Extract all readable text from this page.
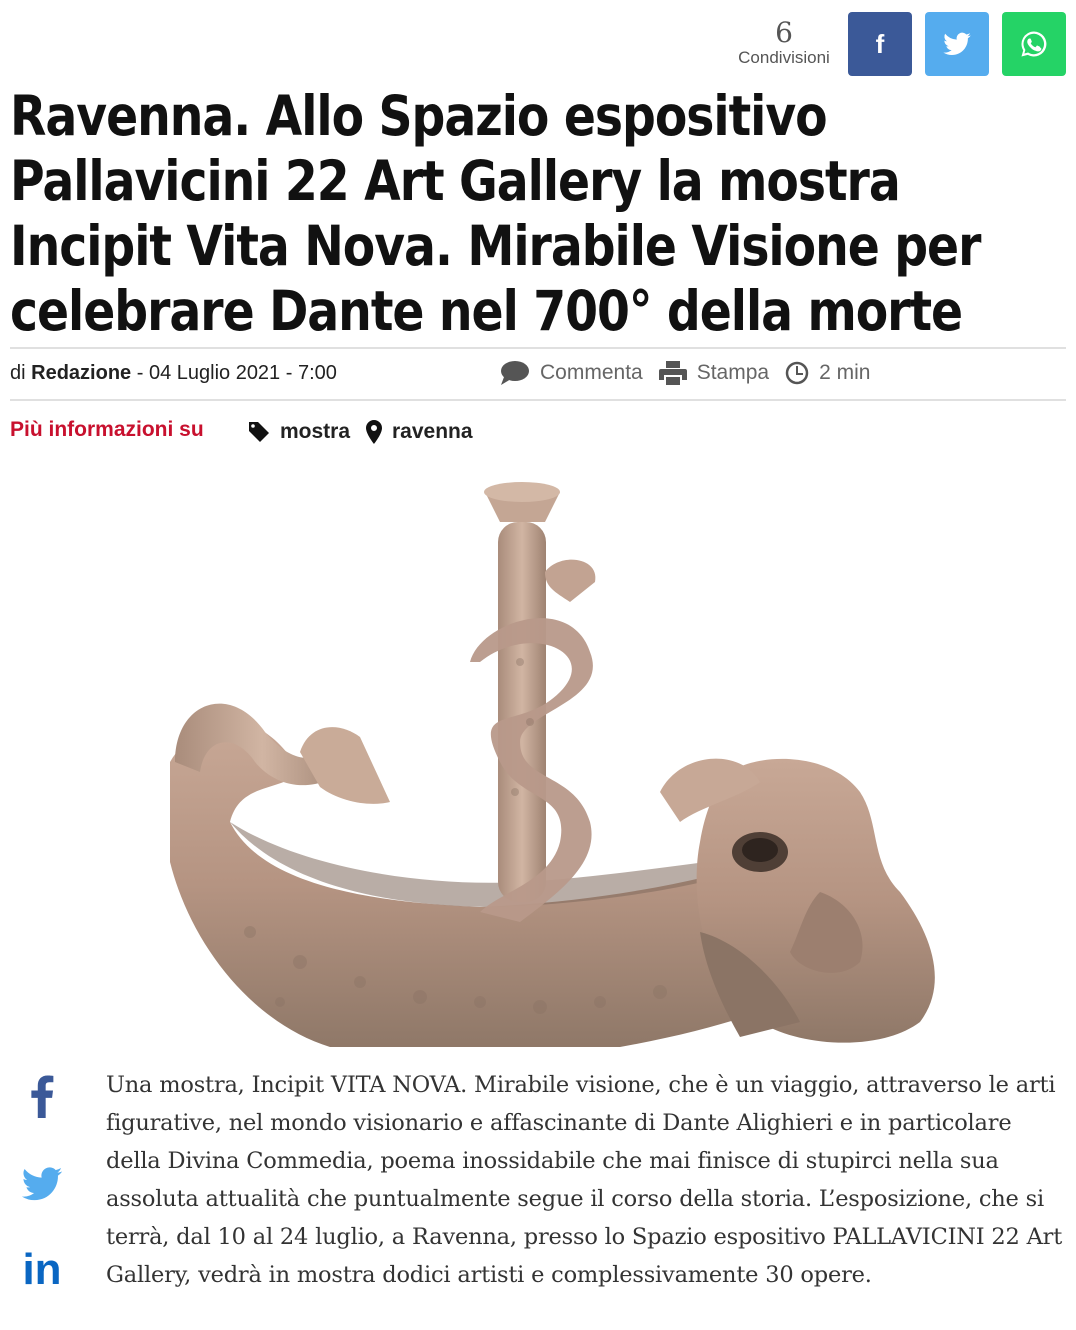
6
Condivisioni	f
Ravenna. Allo Spazio espositivo Pallavicini 22 Art Gallery la mostra Incipit Vita Nova. Mirabile Visione per celebrare Dante nel 700° della morte
di Redazione - 04 Luglio 2021 - 7:00	Commenta	Stampa 2 min
Più informazioni su	mostra ravenna
in

Una mostra, Incipit VITA NOVA. Mirabile visione, che è un viaggio, attraverso le arti figurative, nel mondo visionario e affascinante di Dante Alighieri e in particolare della Divina Commedia, poema inossidabile che mai finisce di stupirci nella sua assoluta attualità che puntualmente segue il corso della storia. L’esposizione, che si terrà, dal 10 al 24 luglio, a Ravenna, presso lo Spazio espositivo PALLAVICINI 22 Art Gallery, vedrà in mostra dodici artisti e complessivamente 30 opere.
